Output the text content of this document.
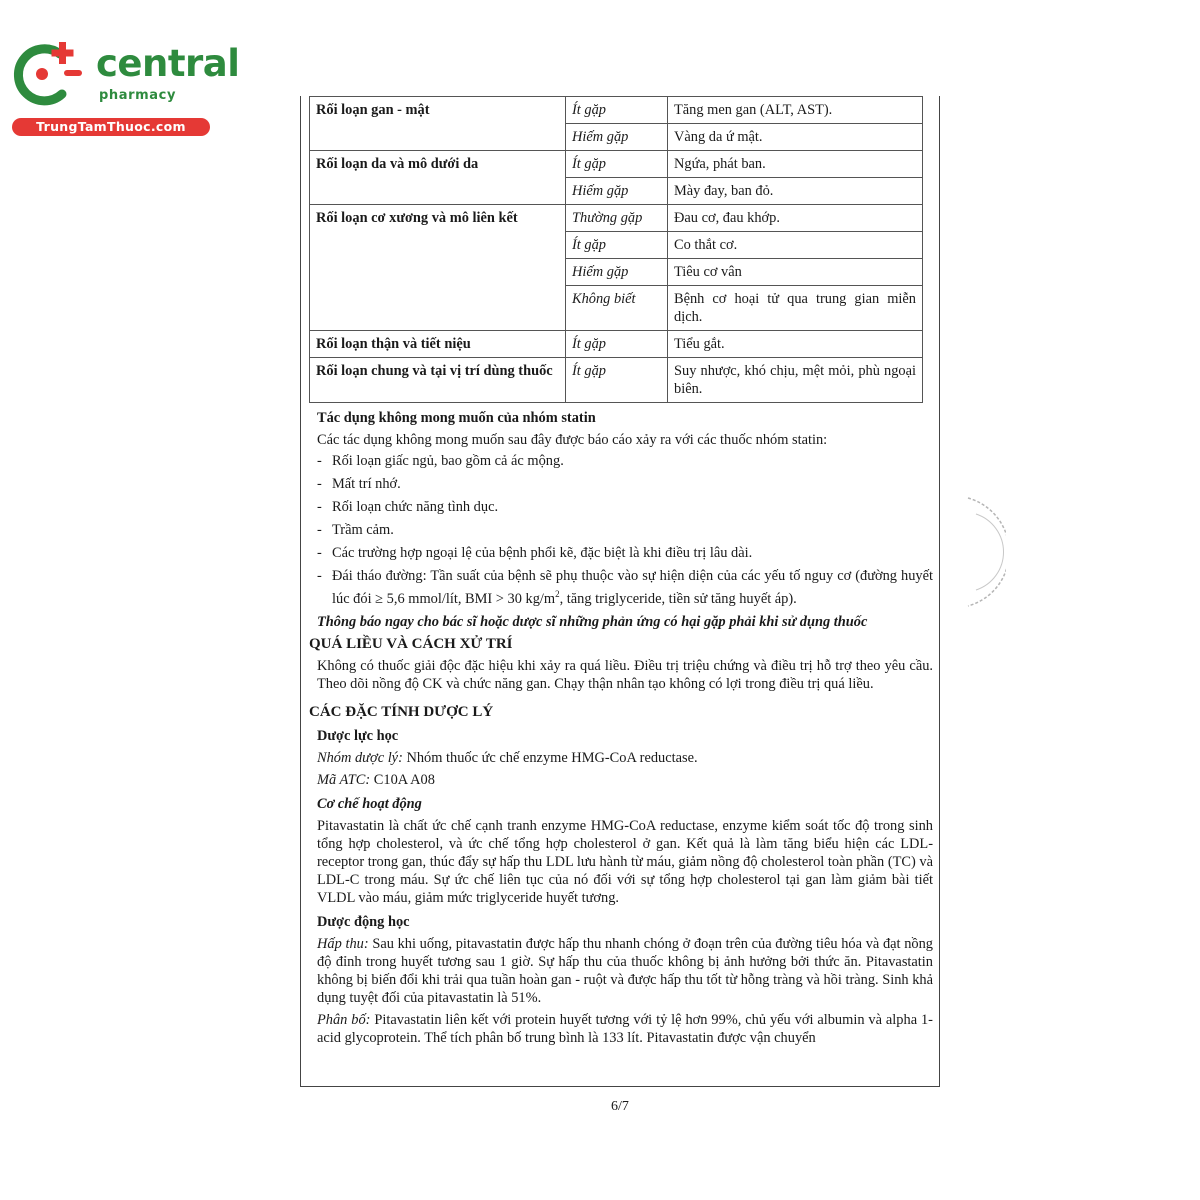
central
pharmacy
TrungTamThuoc.com
Rối loạn gan - mật	Ít gặp	Tăng men gan (ALT, AST).
	Hiếm gặp	Vàng da ứ mật.
Rối loạn da và mô dưới da	Ít gặp	Ngứa, phát ban.
	Hiếm gặp	Mày đay, ban đỏ.
Rối loạn cơ xương và mô liên kết	Thường gặp	Đau cơ, đau khớp.
	Ít gặp	Co thắt cơ.
	Hiếm gặp	Tiêu cơ vân
	Không biết	Bệnh cơ hoại tử qua trung gian miễn dịch.
Rối loạn thận và tiết niệu	Ít gặp	Tiểu gắt.
Rối loạn chung và tại vị trí dùng thuốc	Ít gặp	Suy nhược, khó chịu, mệt mỏi, phù ngoại biên.
Tác dụng không mong muốn của nhóm statin
Các tác dụng không mong muốn sau đây được báo cáo xảy ra với các thuốc nhóm statin:
- Rối loạn giấc ngủ, bao gồm cả ác mộng.
- Mất trí nhớ.
- Rối loạn chức năng tình dục.
- Trầm cảm.
- Các trường hợp ngoại lệ của bệnh phổi kẽ, đặc biệt là khi điều trị lâu dài.
- Đái tháo đường: Tần suất của bệnh sẽ phụ thuộc vào sự hiện diện của các yếu tố nguy cơ (đường huyết lúc đói ≥ 5,6 mmol/lít, BMI > 30 $kg/m^2$, tăng triglyceride, tiền sử tăng huyết áp).
Thông báo ngay cho bác sĩ hoặc dược sĩ những phản ứng có hại gặp phải khi sử dụng thuốc
QUÁ LIỀU VÀ CÁCH XỬ TRÍ
Không có thuốc giải độc đặc hiệu khi xảy ra quá liều. Điều trị triệu chứng và điều trị hỗ trợ theo yêu cầu. Theo dõi nồng độ CK và chức năng gan. Chạy thận nhân tạo không có lợi trong điều trị quá liều.
CÁC ĐẶC TÍNH DƯỢC LÝ
Dược lực học
Nhóm dược lý: Nhóm thuốc ức chế enzyme HMG-CoA reductase.
Mã ATC: C10A A08
Cơ chế hoạt động
Pitavastatin là chất ức chế cạnh tranh enzyme HMG-CoA reductase, enzyme kiểm soát tốc độ trong sinh tổng hợp cholesterol, và ức chế tổng hợp cholesterol ở gan. Kết quả là làm tăng biểu hiện các LDL-receptor trong gan, thúc đẩy sự hấp thu LDL lưu hành từ máu, giảm nồng độ cholesterol toàn phần (TC) và LDL-C trong máu. Sự ức chế liên tục của nó đối với sự tổng hợp cholesterol tại gan làm giảm bài tiết VLDL vào máu, giảm mức triglyceride huyết tương.
Dược động học
Hấp thu: Sau khi uống, pitavastatin được hấp thu nhanh chóng ở đoạn trên của đường tiêu hóa và đạt nồng độ đỉnh trong huyết tương sau 1 giờ. Sự hấp thu của thuốc không bị ảnh hưởng bởi thức ăn. Pitavastatin không bị biến đổi khi trải qua tuần hoàn gan - ruột và được hấp thu tốt từ hỗng tràng và hồi tràng. Sinh khả dụng tuyệt đối của pitavastatin là 51%.
Phân bố: Pitavastatin liên kết với protein huyết tương với tỷ lệ hơn 99%, chủ yếu với albumin và alpha 1-acid glycoprotein. Thể tích phân bố trung bình là 133 lít. Pitavastatin được vận chuyển
6/7
